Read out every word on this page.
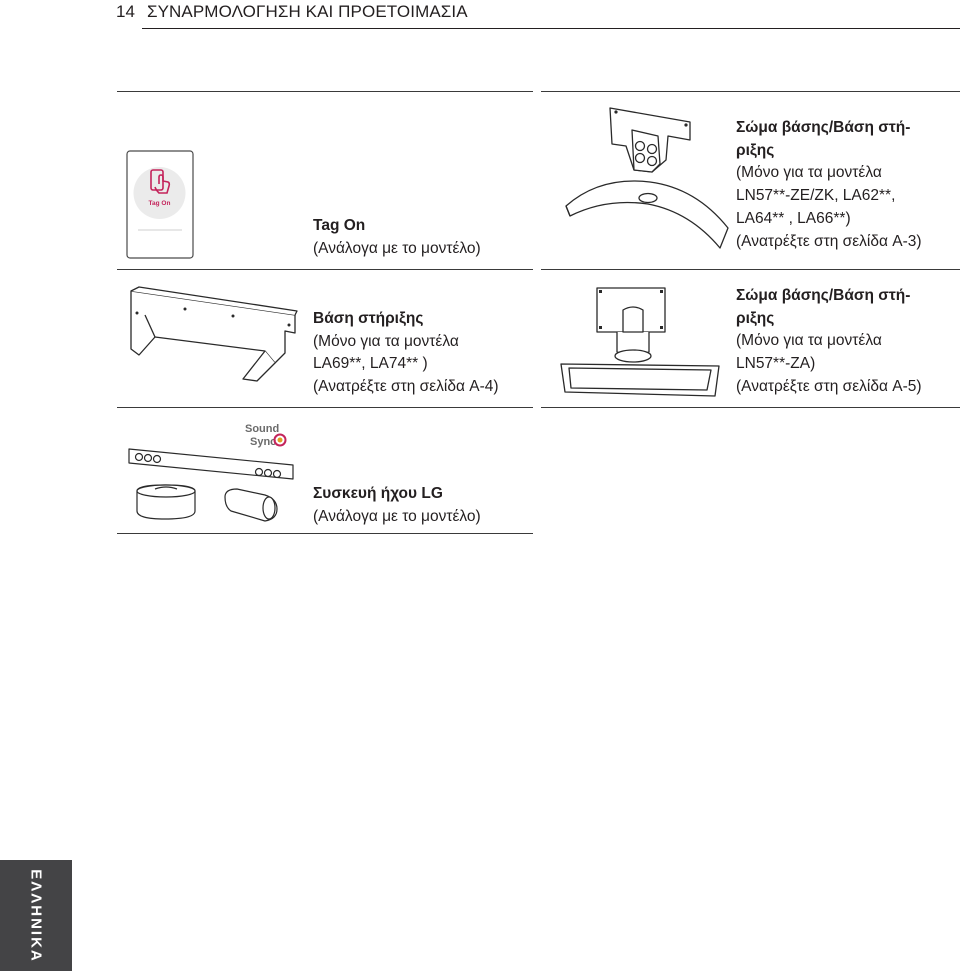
14 ΣΥΝΑΡΜΟΛΟΓΗΣΗ ΚΑΙ ΠΡΟΕΤΟΙΜΑΣΙΑ
Tag On
Tag On
(Ανάλογα με το μοντέλο)
Σώμα βάσης/Βάση στή-
ριξης
(Μόνο για τα μοντέλα
LN57**-ZE/ZK, LA62**,
LA64** , LA66**)
(Ανατρέξτε στη σελίδα A-3)
Βάση στήριξης
(Μόνο για τα μοντέλα
LA69**, LA74** )
(Ανατρέξτε στη σελίδα A-4)
Σώμα βάσης/Βάση στή-
ριξης
(Μόνο για τα μοντέλα
LN57**-ZA)
(Ανατρέξτε στη σελίδα A-5)
Sound
Sync
Συσκευή ήχου LG
(Ανάλογα με το μοντέλο)
ΕΛΛΗΝΙΚΑ
